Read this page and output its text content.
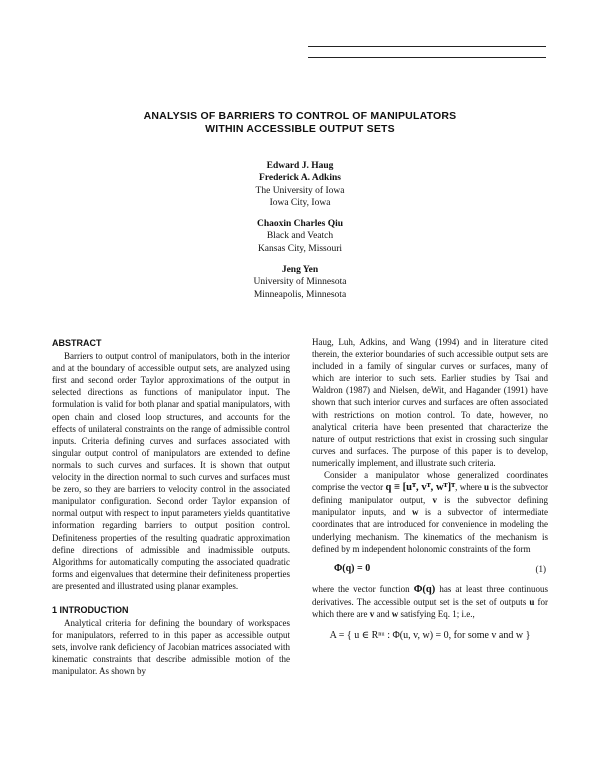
ANALYSIS OF BARRIERS TO CONTROL OF MANIPULATORS
WITHIN ACCESSIBLE OUTPUT SETS
Edward J. Haug
Frederick A. Adkins
The University of Iowa
Iowa City, Iowa
Chaoxin Charles Qiu
Black and Veatch
Kansas City, Missouri
Jeng Yen
University of Minnesota
Minneapolis, Minnesota
ABSTRACT

Barriers to output control of manipulators, both in the interior and at the boundary of accessible output sets, are analyzed using first and second order Taylor approximations of the output in selected directions as functions of manipulator input. The formulation is valid for both planar and spatial manipulators, with open chain and closed loop structures, and accounts for the effects of unilateral constraints on the range of admissible control inputs. Criteria defining curves and surfaces associated with singular output control of manipulators are extended to define normals to such curves and surfaces. It is shown that output velocity in the direction normal to such curves and surfaces must be zero, so they are barriers to velocity control in the associated manipulator configuration. Second order Taylor expansion of normal output with respect to input parameters yields quantitative information regarding barriers to output position control. Definiteness properties of the resulting quadratic approximation define directions of admissible and inadmissible outputs. Algorithms for automatically computing the associated quadratic forms and eigenvalues that determine their definiteness properties are presented and illustrated using planar examples.

1 INTRODUCTION

Analytical criteria for defining the boundary of workspaces for manipulators, referred to in this paper as accessible output sets, involve rank deficiency of Jacobian matrices associated with kinematic constraints that describe admissible motion of the manipulator. As shown by

Haug, Luh, Adkins, and Wang (1994) and in literature cited therein, the exterior boundaries of such accessible output sets are included in a family of singular curves or surfaces, many of which are interior to such sets. Earlier studies by Tsai and Waldron (1987) and Nielsen, deWit, and Hagander (1991) have shown that such interior curves and surfaces are often associated with restrictions on motion control. To date, however, no analytical criteria have been presented that characterize the nature of output restrictions that exist in crossing such singular curves and surfaces. The purpose of this paper is to develop, numerically implement, and illustrate such criteria.

Consider a manipulator whose generalized coordinates comprise the vector q ≡ [uᵀ, vᵀ, wᵀ]ᵀ, where u is the subvector defining manipulator output, v is the subvector defining manipulator inputs, and w is a subvector of intermediate coordinates that are introduced for convenience in modeling the underlying mechanism. The kinematics of the mechanism is defined by m independent holonomic constraints of the form

Φ(q) = 0	(1)

where the vector function Φ(q) has at least three continuous derivatives. The accessible output set is the set of outputs u for which there are v and w satisfying Eq. 1; i.e.,

A = { u ∈ Rⁿᵘ : Φ(u, v, w) = 0, for some v and w }
